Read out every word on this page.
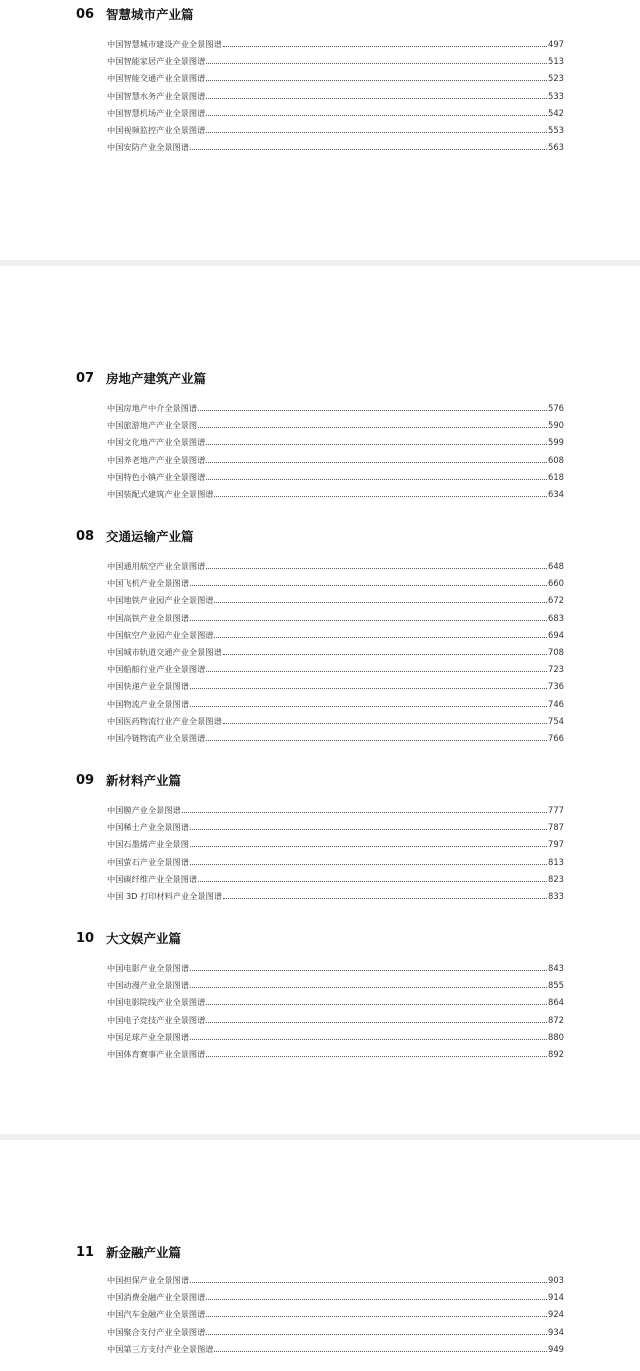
06 智慧城市产业篇
中国智慧城市建设产业全景图谱	497
中国智能家居产业全景图谱	513
中国智能交通产业全景图谱	523
中国智慧水务产业全景图谱	533
中国智慧机场产业全景图谱	542
中国视频监控产业全景图谱	553
中国安防产业全景图谱	563
07 房地产建筑产业篇
中国房地产中介全景图谱	576
中国旅游地产产业全景图	590
中国文化地产产业全景图谱	599
中国养老地产产业全景图谱	608
中国特色小镇产业全景图谱	618
中国装配式建筑产业全景图谱	634
08 交通运输产业篇
中国通用航空产业全景图谱	648
中国飞机产业全景图谱	660
中国地铁产业园产业全景图谱	672
中国高铁产业全景图谱	683
中国航空产业园产业全景图谱	694
中国城市轨道交通产业全景图谱	708
中国船舶行业产业全景图谱	723
中国快递产业全景图谱	736
中国物流产业全景图谱	746
中国医药物流行业产业全景图谱	754
中国冷链物流产业全景图谱	766
09 新材料产业篇
中国膜产业全景图谱	777
中国稀土产业全景图谱	787
中国石墨烯产业全景图	797
中国萤石产业全景图谱	813
中国碳纤维产业全景图谱	823
中国 3D 打印材料产业全景图谱	833
10 大文娱产业篇
中国电影产业全景图谱	843
中国动漫产业全景图谱	855
中国电影院线产业全景图谱	864
中国电子竞技产业全景图谱	872
中国足球产业全景图谱	880
中国体育赛事产业全景图谱	892
11 新金融产业篇
中国担保产业全景图谱	903
中国消费金融产业全景图谱	914
中国汽车金融产业全景图谱	924
中国聚合支付产业全景图谱	934
中国第三方支付产业全景图谱	949
